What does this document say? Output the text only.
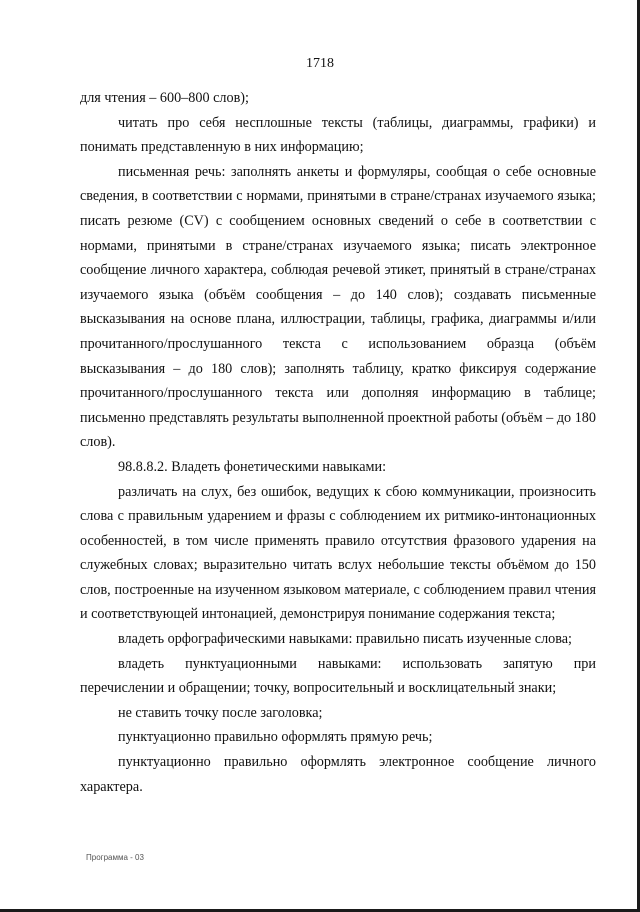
1718

для чтения – 600–800 слов);

читать про себя несплошные тексты (таблицы, диаграммы, графики) и понимать представленную в них информацию;

письменная речь: заполнять анкеты и формуляры, сообщая о себе основные сведения, в соответствии с нормами, принятыми в стране/странах изучаемого языка; писать резюме (CV) с сообщением основных сведений о себе в соответствии с нормами, принятыми в стране/странах изучаемого языка; писать электронное сообщение личного характера, соблюдая речевой этикет, принятый в стране/странах изучаемого языка (объём сообщения – до 140 слов); создавать письменные высказывания на основе плана, иллюстрации, таблицы, графика, диаграммы и/или прочитанного/прослушанного текста с использованием образца (объём высказывания – до 180 слов); заполнять таблицу, кратко фиксируя содержание прочитанного/прослушанного текста или дополняя информацию в таблице; письменно представлять результаты выполненной проектной работы (объём – до 180 слов).

98.8.8.2. Владеть фонетическими навыками:

различать на слух, без ошибок, ведущих к сбою коммуникации, произносить слова с правильным ударением и фразы с соблюдением их ритмико-интонационных особенностей, в том числе применять правило отсутствия фразового ударения на служебных словах; выразительно читать вслух небольшие тексты объёмом до 150 слов, построенные на изученном языковом материале, с соблюдением правил чтения и соответствующей интонацией, демонстрируя понимание содержания текста;

владеть орфографическими навыками: правильно писать изученные слова;

владеть пунктуационными навыками: использовать запятую при перечислении и обращении; точку, вопросительный и восклицательный знаки;

не ставить точку после заголовка;

пунктуационно правильно оформлять прямую речь;

пунктуационно правильно оформлять электронное сообщение личного характера.

Программа - 03
